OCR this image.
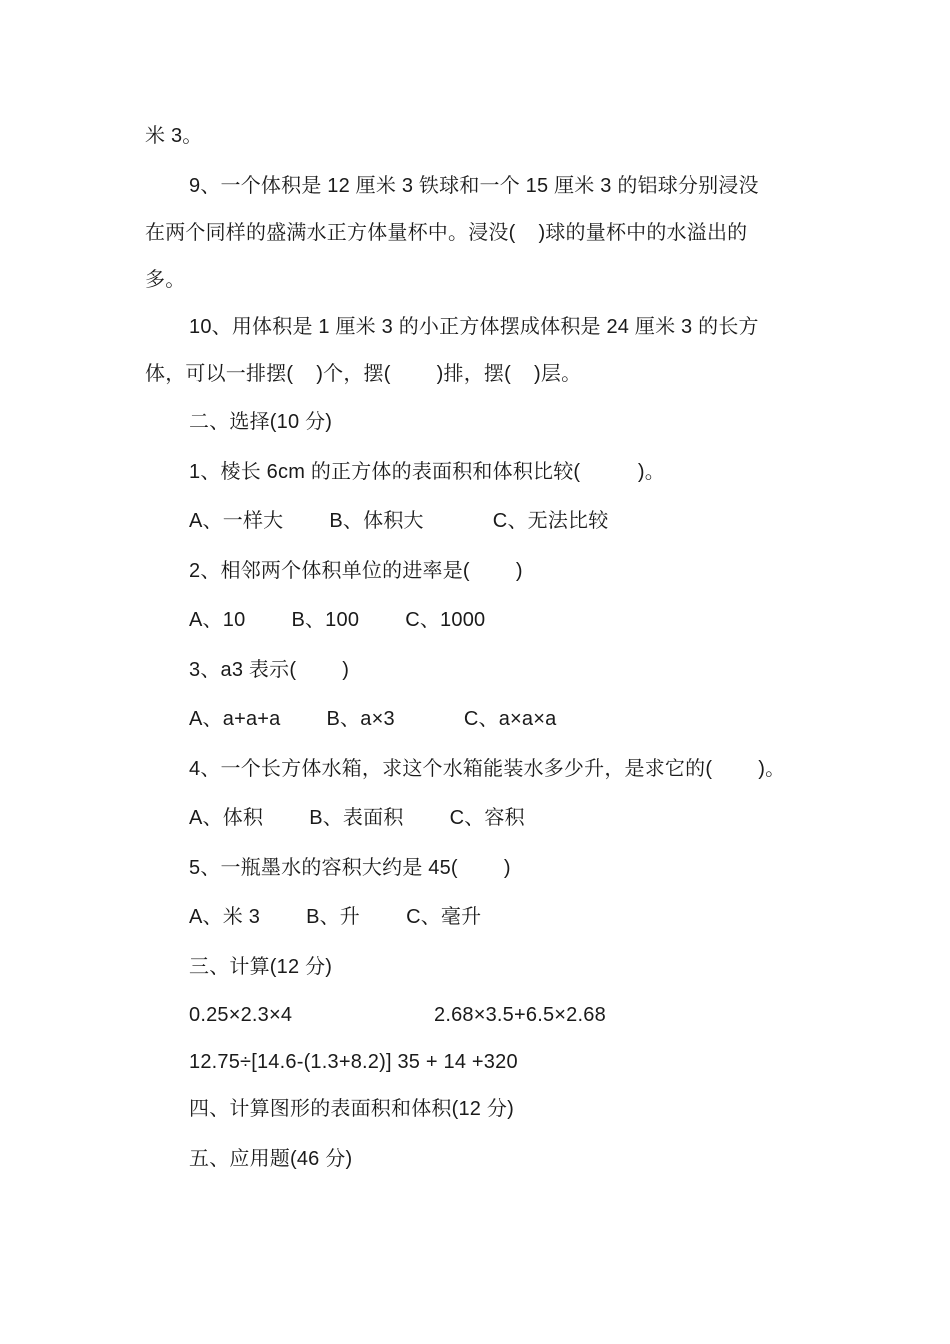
米 3。
9、一个体积是 12 厘米 3 铁球和一个 15 厘米 3 的铝球分别浸没
在两个同样的盛满水正方体量杯中。浸没(    )球的量杯中的水溢出的
多。
10、用体积是 1 厘米 3 的小正方体摆成体积是 24 厘米 3 的长方
体，可以一排摆(    )个，摆(        )排，摆(    )层。
二、选择(10 分)
1、棱长 6cm 的正方体的表面积和体积比较(          )。
A、一样大        B、体积大            C、无法比较
2、相邻两个体积单位的进率是(        )
A、10        B、100        C、1000
3、a3 表示(        )
A、a+a+a        B、a×3            C、a×a×a
4、一个长方体水箱，求这个水箱能装水多少升，是求它的(        )。
A、体积        B、表面积        C、容积
5、一瓶墨水的容积大约是 45(        )
A、米 3        B、升        C、毫升
三、计算(12 分)
0.25×2.3×4	2.68×3.5+6.5×2.68
12.75÷[14.6-(1.3+8.2)] 35 + 14 +320
四、计算图形的表面积和体积(12 分)
五、应用题(46 分)
